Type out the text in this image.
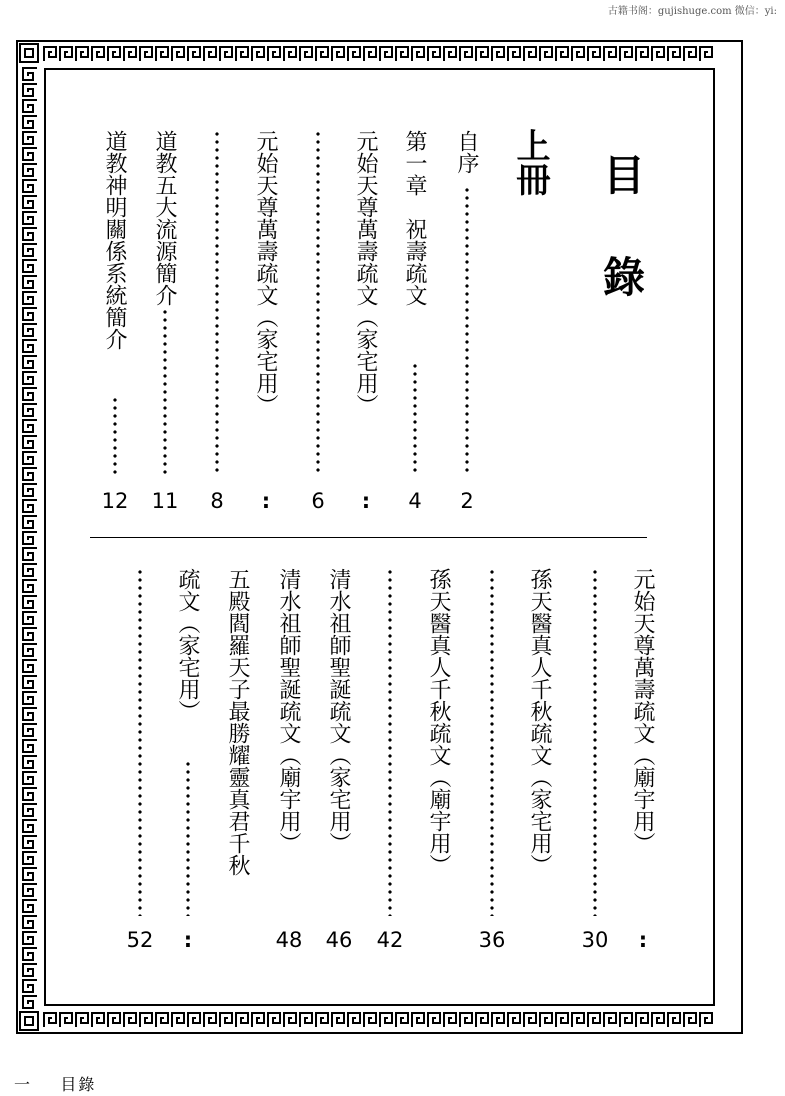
古籍书阁：gujishuge.com 微信：yi:
目
錄
上冊
自序
2
第一章　祝壽疏文
4
元始天尊萬壽疏文︵家宅用︶
:
6
元始天尊萬壽疏文︵家宅用︶
:
8
道教五大流源簡介
11
道教神明關係系統簡介
12
元始天尊萬壽疏文︵廟宇用︶
:
30
孫天醫真人千秋疏文︵家宅用︶
36
孫天醫真人千秋疏文︵廟宇用︶
42
清水祖師聖誕疏文︵家宅用︶
46
清水祖師聖誕疏文︵廟宇用︶
48
五殿閻羅天子最勝耀靈真君千秋
:
疏文︵家宅用︶
52
一 目錄
